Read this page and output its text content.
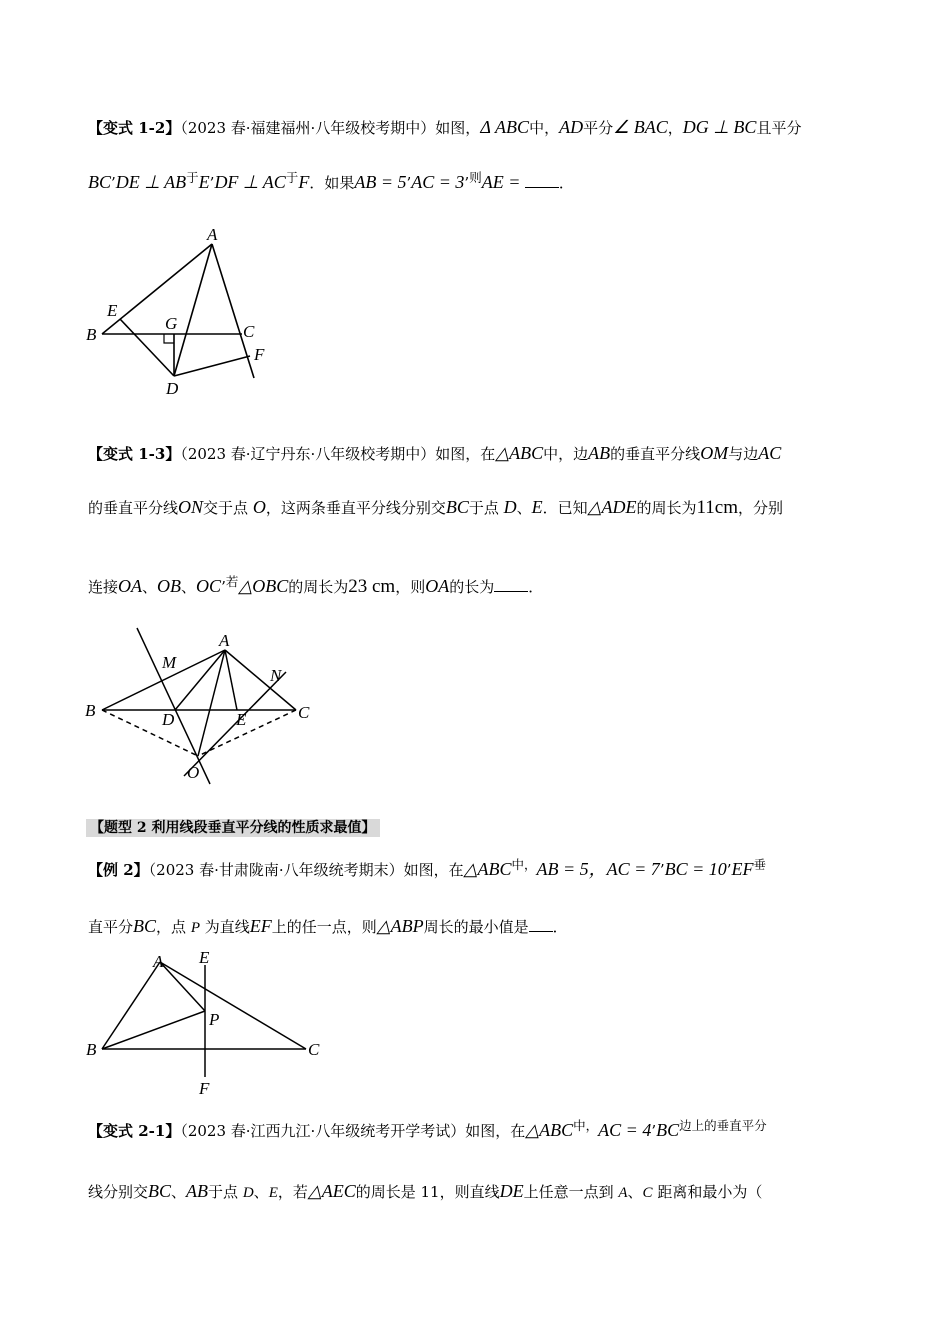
【变式 1-2】（2023 春·福建福州·八年级校考期中）如图，Δ ABC中，AD平分∠ BAC，DG ⊥ BC且平分
BC’DE ⊥ $AB^于E’DF$ ⊥ $AC^于F$．如果AB = 5’AC = 3’$^则$AE = ．
A
B	C
D
E
F
G
【变式 1-3】（2023 春·辽宁丹东·八年级校考期中）如图，在△ABC中，边AB的垂直平分线OM与边AC
的垂直平分线ON交于点 O，这两条垂直平分线分别交BC于点 D、E．已知△ADE的周长为11cm，分别
连接OA、OB、OC’$^若$△OBC的周长为23 cm，则OA的长为 ．
A
B	C
D	E
M
N
O
【题型 2 利用线段垂直平分线的性质求最值】
【例 2】（2023 春·甘肃陇南·八年级统考期末）如图，在$\triangle ABC^{中,}AB = 5$，AC = 7’BC = $10’EF^垂$
直平分BC，点 P 为直线EF上的任一点，则△ABP周长的最小值是 ．
A
B	C
E
F
P
【变式 2-1】（2023 春·江西九江·八年级统考开学考试）如图，在$\triangle ABC^{中,}AC$ = $4’BC^{边上的垂直平分}$
线分别交BC、AB于点 D、E，若△AEC的周长是 11，则直线DE上任意一点到 A、C 距离和最小为（
